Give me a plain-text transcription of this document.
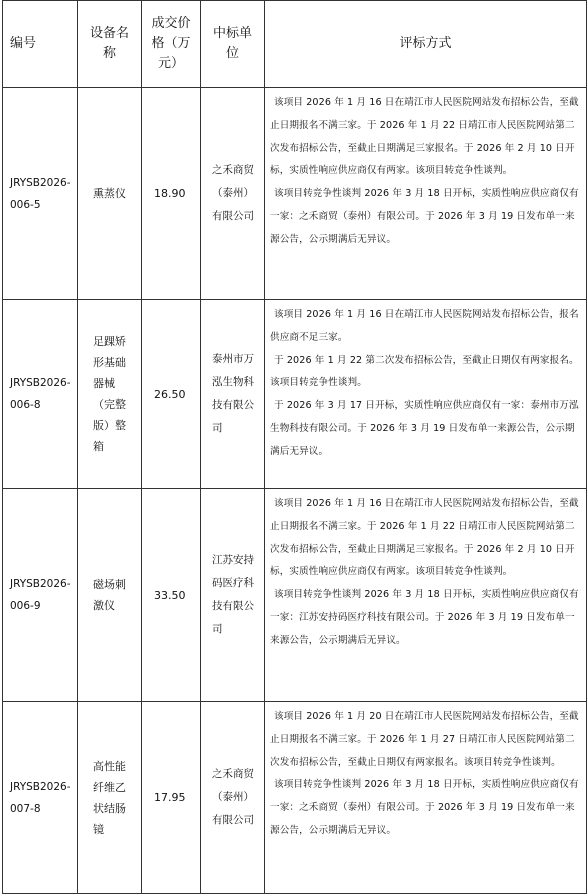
编号	设备名称	成交价格（万元）	中标单位	评标方式
JRYSB2026-006-5	熏蒸仪	18.90	之禾商贸（泰州）有限公司	该项目 2026 年 1 月 16 日在靖江市人民医院网站发布招标公告，至截止日期报名不满三家。于 2026 年 1 月 22 日靖江市人民医院网站第二次发布招标公告，至截止日期满足三家报名。于 2026 年 2 月 10 日开标，实质性响应供应商仅有两家。该项目转竞争性谈判。

该项目转竞争性谈判 2026 年 3 月 18 日开标，实质性响应供应商仅有一家：之禾商贸（泰州）有限公司。于 2026 年 3 月 19 日发布单一来源公告，公示期满后无异议。

JRYSB2026-006-8	足踝矫形基础器械（完整版）整箱	26.50	泰州市万泓生物科技有限公司	该项目 2026 年 1 月 16 日在靖江市人民医院网站发布招标公告，报名供应商不足三家。

于 2026 年 1 月 22 第二次发布招标公告，至截止日期仅有两家报名。该项目转竞争性谈判。

于 2026 年 3 月 17 日开标，实质性响应供应商仅有一家：泰州市万泓生物科技有限公司。于 2026 年 3 月 19 日发布单一来源公告，公示期满后无异议。

JRYSB2026-006-9	磁场刺激仪	33.50	江苏安持码医疗科技有限公司	该项目 2026 年 1 月 16 日在靖江市人民医院网站发布招标公告，至截止日期报名不满三家。于 2026 年 1 月 22 日靖江市人民医院网站第二次发布招标公告，至截止日期满足三家报名。于 2026 年 2 月 10 日开标，实质性响应供应商仅有两家。该项目转竞争性谈判。

该项目转竞争性谈判 2026 年 3 月 18 日开标，实质性响应供应商仅有一家：江苏安持码医疗科技有限公司。于 2026 年 3 月 19 日发布单一来源公告，公示期满后无异议。

JRYSB2026-007-8	高性能纤维乙状结肠镜	17.95	之禾商贸（泰州）有限公司	该项目 2026 年 1 月 20 日在靖江市人民医院网站发布招标公告，至截止日期报名不满三家。于 2026 年 1 月 27 日靖江市人民医院网站第二次发布招标公告，至截止日期仅有两家报名。该项目转竞争性谈判。

该项目转竞争性谈判 2026 年 3 月 18 日开标，实质性响应供应商仅有一家：之禾商贸（泰州）有限公司。于 2026 年 3 月 19 日发布单一来源公告，公示期满后无异议。
